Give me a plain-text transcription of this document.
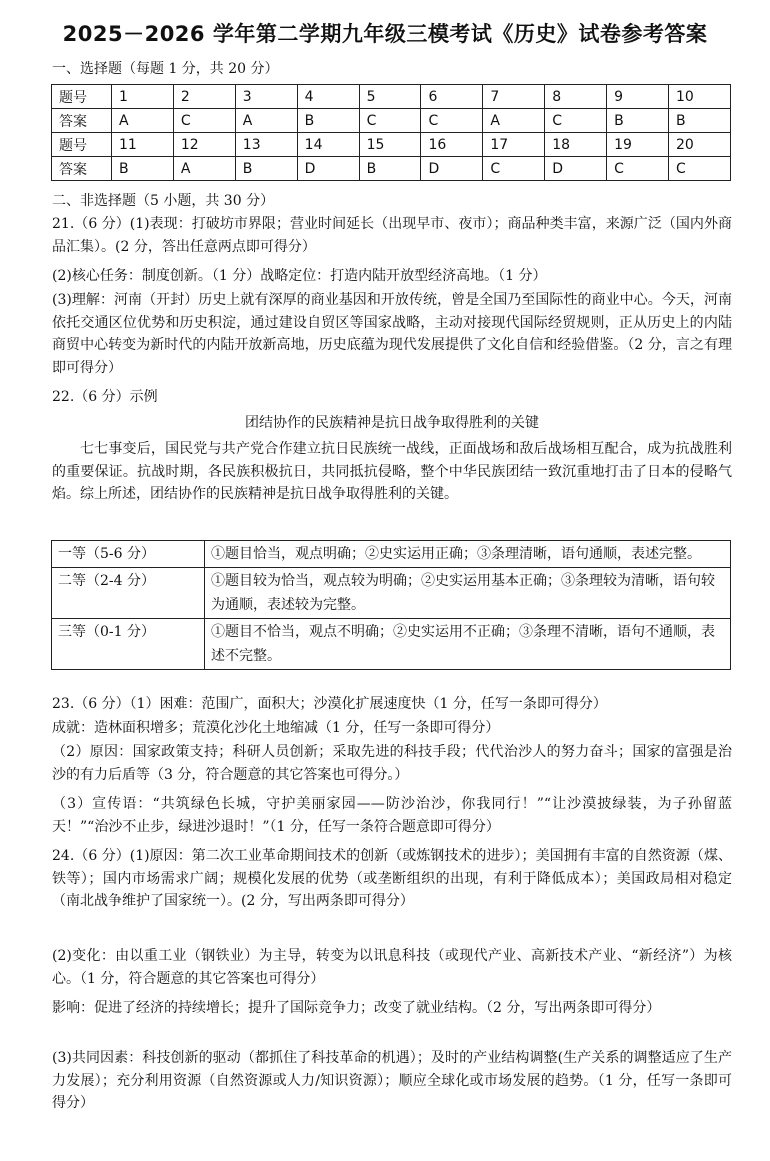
2025－2026 学年第二学期九年级三模考试《历史》试卷参考答案
一、选择题（每题 1 分，共 20 分）
题号	1	2	3	4	5	6	7	8	9	10
答案	A	C	A	B	C	C	A	C	B	B
题号	11	12	13	14	15	16	17	18	19	20
答案	B	A	B	D	B	D	C	D	C	C
二、非选择题（5 小题，共 30 分）
21.（6 分）(1)表现：打破坊市界限；营业时间延长（出现早市、夜市）；商品种类丰富，来源广泛（国内外商品汇集）。(2 分，答出任意两点即可得分）
(2)核心任务：制度创新。（1 分）战略定位：打造内陆开放型经济高地。（1 分）
(3)理解：河南（开封）历史上就有深厚的商业基因和开放传统，曾是全国乃至国际性的商业中心。今天，河南依托交通区位优势和历史积淀，通过建设自贸区等国家战略，主动对接现代国际经贸规则，正从历史上的内陆商贸中心转变为新时代的内陆开放新高地，历史底蕴为现代发展提供了文化自信和经验借鉴。（2 分，言之有理即可得分）
22.（6 分）示例
团结协作的民族精神是抗日战争取得胜利的关键
七七事变后，国民党与共产党合作建立抗日民族统一战线，正面战场和敌后战场相互配合，成为抗战胜利的重要保证。抗战时期，各民族积极抗日，共同抵抗侵略，整个中华民族团结一致沉重地打击了日本的侵略气焰。综上所述，团结协作的民族精神是抗日战争取得胜利的关键。
一等（5-6 分）	①题目恰当，观点明确；②史实运用正确；③条理清晰，语句通顺，表述完整。
二等（2-4 分）	①题目较为恰当，观点较为明确；②史实运用基本正确；③条理较为清晰，语句较为通顺，表述较为完整。
三等（0-1 分）	①题目不恰当，观点不明确；②史实运用不正确；③条理不清晰，语句不通顺，表述不完整。
23.（6 分）（1）困难：范围广，面积大；沙漠化扩展速度快（1 分，任写一条即可得分）
成就：造林面积增多；荒漠化沙化土地缩减（1 分，任写一条即可得分）
（2）原因：国家政策支持；科研人员创新；采取先进的科技手段；代代治沙人的努力奋斗；国家的富强是治沙的有力后盾等（3 分，符合题意的其它答案也可得分。）
（3）宣传语：“共筑绿色长城，守护美丽家园——防沙治沙，你我同行！”“让沙漠披绿装，为子孙留蓝天！”“治沙不止步，绿进沙退时！”（1 分，任写一条符合题意即可得分）
24.（6 分）(1)原因：第二次工业革命期间技术的创新（或炼钢技术的进步）；美国拥有丰富的自然资源（煤、铁等）；国内市场需求广阔；规模化发展的优势（或垄断组织的出现，有利于降低成本）；美国政局相对稳定（南北战争维护了国家统一）。(2 分，写出两条即可得分）
(2)变化：由以重工业（钢铁业）为主导，转变为以讯息科技（或现代产业、高新技术产业、“新经济”）为核心。（1 分，符合题意的其它答案也可得分）
影响：促进了经济的持续增长；提升了国际竞争力；改变了就业结构。（2 分，写出两条即可得分）
(3)共同因素：科技创新的驱动（都抓住了科技革命的机遇）；及时的产业结构调整(生产关系的调整适应了生产力发展）；充分利用资源（自然资源或人力/知识资源）；顺应全球化或市场发展的趋势。（1 分，任写一条即可得分）
